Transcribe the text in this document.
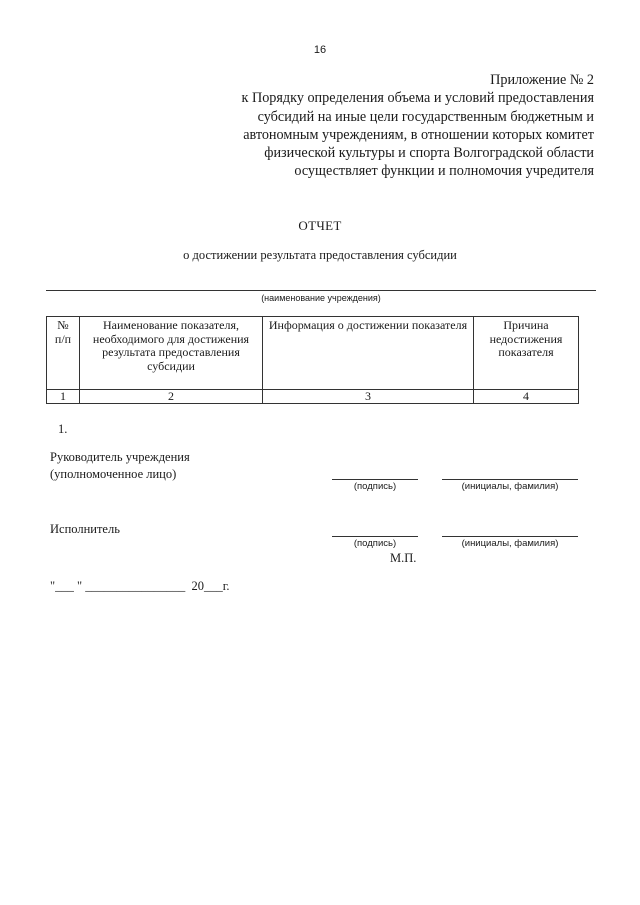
16
Приложение № 2
к Порядку определения объема и условий предоставления
субсидий на иные цели государственным бюджетным и
автономным учреждениям, в отношении которых комитет
физической культуры и спорта Волгоградской области
осуществляет функции и полномочия учредителя
ОТЧЕТ
о достижении результата предоставления субсидии
(наименование учреждения)
№ п/п	Наименование показателя, необходимого для достижения результата предоставления субсидии	Информация о достижении показателя	Причина недостижения показателя
1	2	3	4
1.
Руководитель учреждения
(уполномоченное лицо)
(подпись)	(инициалы, фамилия)
Исполнитель
(подпись)	(инициалы, фамилия)
М.П.
"___ " ________________  20___г.
